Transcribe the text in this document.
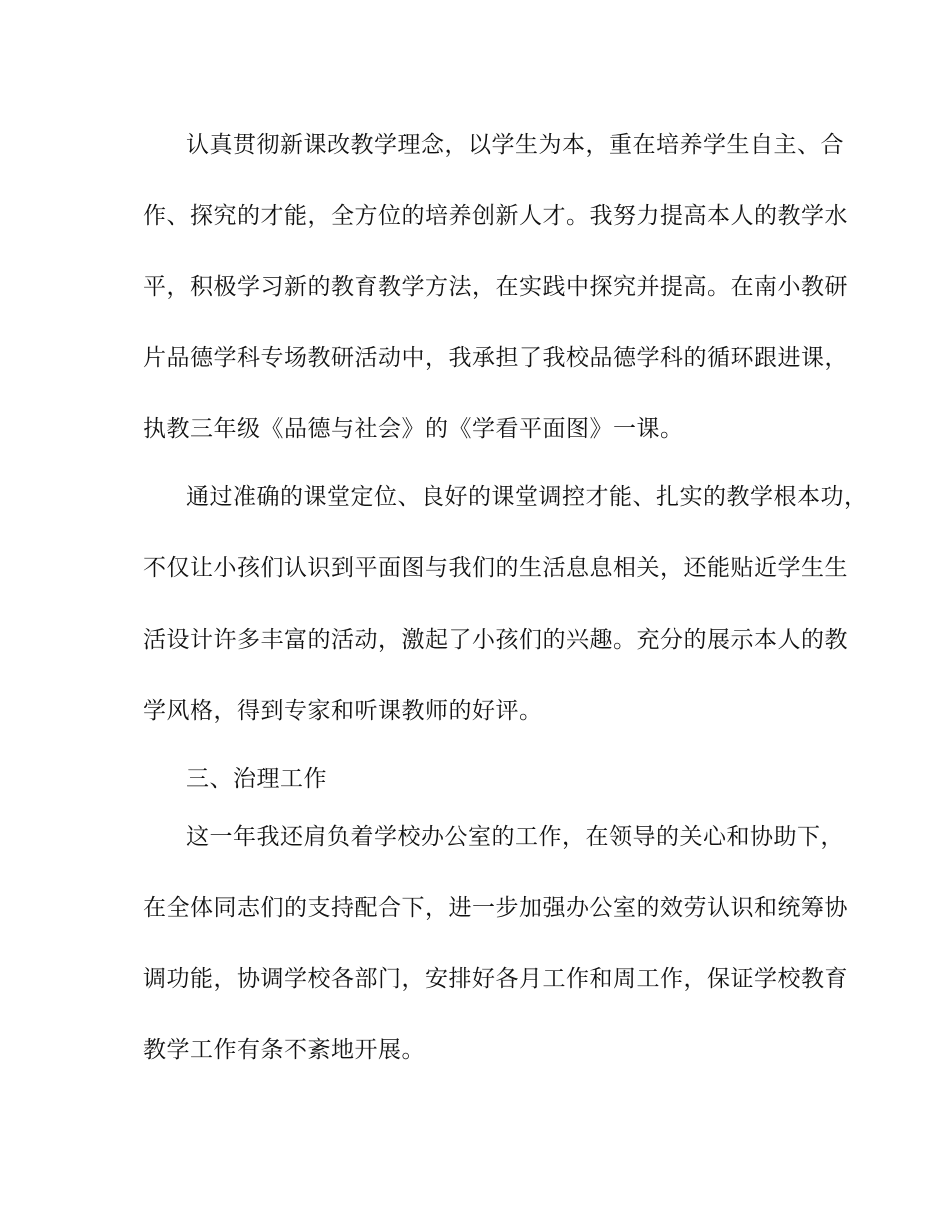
认真贯彻新课改教学理念，以学生为本，重在培养学生自主、合
作、探究的才能，全方位的培养创新人才。我努力提高本人的教学水
平，积极学习新的教育教学方法，在实践中探究并提高。在南小教研
片品德学科专场教研活动中，我承担了我校品德学科的循环跟进课，
执教三年级《品德与社会》的《学看平面图》一课。
通过准确的课堂定位、良好的课堂调控才能、扎实的教学根本功，
不仅让小孩们认识到平面图与我们的生活息息相关，还能贴近学生生
活设计许多丰富的活动，激起了小孩们的兴趣。充分的展示本人的教
学风格，得到专家和听课教师的好评。
三、治理工作
这一年我还肩负着学校办公室的工作，在领导的关心和协助下，
在全体同志们的支持配合下，进一步加强办公室的效劳认识和统筹协
调功能，协调学校各部门，安排好各月工作和周工作，保证学校教育
教学工作有条不紊地开展。
